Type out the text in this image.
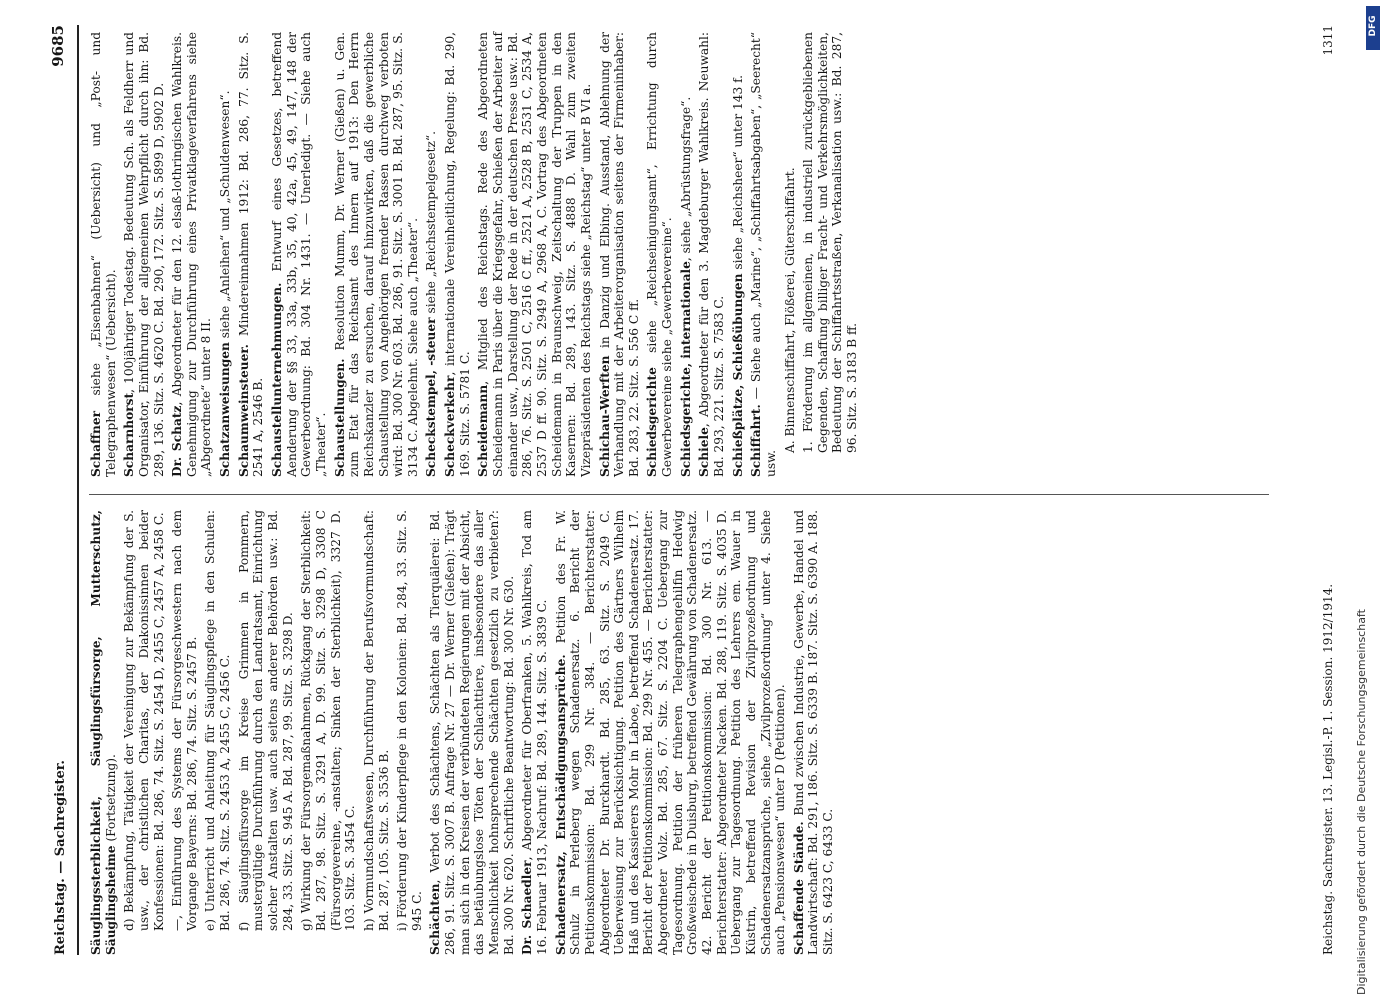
Reichstag. — Sachregister.
9685
Säuglingssterblichkeit, Säuglingsfürsorge, Mutterschutz, Säuglingsheime (Fortsetzung). d) Bekämpfung, Tätigkeit der Vereinigung zur Bekämpfung der S. usw., der christlichen Charitas, der Diakonissinnen beider Konfessionen: Bd. 286, 74. Sitz. S. 2454 D, 2455 C, 2457 A, 2458 C. —, Einführung des Systems der Fürsorgeschwestern nach dem Vorgange Bayerns: Bd. 286, 74. Sitz. S. 2457 B. e) Unterricht und Anleitung für Säuglingspflege in den Schulen: Bd. 286, 74. Sitz. S. 2453 A, 2455 C, 2456 C. f) Säuglingsfürsorge im Kreise Grimmen in Pommern, mustergültige Durchführung durch den Landratsamt, Einrichtung solcher Anstalten usw. auch seitens anderer Behörden usw.: Bd. 284, 33. Sitz. S. 945 A. Bd. 287, 99. Sitz. S. 3298 D. g) Wirkung der Fürsorgemaßnahmen, Rückgang der Sterblichkeit: Bd. 287, 98. Sitz. S. 3291 A, D. 99. Sitz. S. 3298 D, 3308 C (Fürsorgevereine, -anstalten; Sinken der Sterblichkeit), 3327 D. 103. Sitz. S. 3454 C. h) Vormundschaftswesen, Durchführung der Berufsvormundschaft: Bd. 287, 105. Sitz. S. 3536 B. i) Förderung der Kinderpflege in den Kolonien: Bd. 284, 33. Sitz. S. 945 C. Schächten, Verbot des Schächtens, Schächten als Tierquälerei: Bd. 286, 91. Sitz. S. 3007 B. Anfrage Nr. 27 — Dr. Werner (Gießen): Trägt man sich in den Kreisen der verbündeten Regierungen mit der Absicht, das betäubungslose Töten der Schlachttiere, insbesondere das aller Menschlichkeit hohnsprechende Schächten gesetzlich zu verbieten?: Bd. 300 Nr. 620. Schriftliche Beantwortung: Bd. 300 Nr. 630. Dr. Schaedler, Abgeordneter für Oberfranken, 5. Wahlkreis, Tod am 16. Februar 1913, Nachruf: Bd. 289, 144. Sitz. S. 3839 C. Schadenersatz, Entschädigungsansprüche. Petition des Fr. W. Schulz in Perleberg wegen Schadenersatz. 6. Bericht der Petitionskommission: Bd. 299 Nr. 384. — Berichterstatter: Abgeordneter Dr. Burckhardt. Bd. 285, 63. Sitz. S. 2049 C. Ueberweisung zur Berücksichtigung. Petition des Gärtners Wilhelm Haß und des Kassierers Mohr in Laboe, betreffend Schadenersatz. 17. Bericht der Petitionskommission: Bd. 299 Nr. 455. — Berichterstatter: Abgeordneter Volz. Bd. 285, 67. Sitz. S. 2204 C. Uebergang zur Tagesordnung. Petition der früheren Telegraphengehilfin Hedwig Großweischede in Duisburg, betreffend Gewährung von Schadenersatz. 42. Bericht der Petitionskommission: Bd. 300 Nr. 613. — Berichterstatter: Abgeordneter Nacken. Bd. 288, 119. Sitz. S. 4035 D. Uebergang zur Tagesordnung. Petition des Lehrers em. Wauer in Küstrin, betreffend Revision der Zivilprozeßordnung und Schadenersatzansprüche, siehe „Zivilprozeßordnung“ unter 4. Siehe auch „Pensionswesen“ unter D (Petitionen). Schaffende Stände. Bund zwischen Industrie, Gewerbe, Handel und Landwirtschaft: Bd. 291, 186. Sitz. S. 6339 B. 187. Sitz. S. 6390 A. 188. Sitz. S. 6423 C, 6433 C.
Schaffner siehe „Eisenbahnen“ (Uebersicht) und „Post- und Telegraphenwesen“ (Uebersicht). Scharnhorst, 100jähriger Todestag. Bedeutung Sch. als Feldherr und Organisator, Einführung der allgemeinen Wehrpflicht durch ihn: Bd. 289, 136. Sitz. S. 4620 C. Bd. 290, 172. Sitz. S. 5899 D, 5902 D. Dr. Schatz, Abgeordneter für den 12. elsaß-lothringischen Wahlkreis. Genehmigung zur Durchführung eines Privatklageverfahrens siehe „Abgeordnete“ unter 8 II. Schatzanweisungen siehe „Anleihen“ und „Schuldenwesen“.
Schaumweinsteuer. Mindereinnahmen 1912: Bd. 286, 77. Sitz. S. 2541 A, 2546 B. Schaustellunternehmungen. Entwurf eines Gesetzes, betreffend Aenderung der §§ 33, 33a, 33b, 35, 40, 42a, 45, 49, 147, 148 der Gewerbeordnung: Bd. 304 Nr. 1431. — Unerledigt. — Siehe auch „Theater“. Schaustellungen. Resolution Mumm, Dr. Werner (Gießen) u. Gen. zum Etat für das Reichsamt des Innern auf 1913: Den Herrn Reichskanzler zu ersuchen, darauf hinzuwirken, daß die gewerbliche Schaustellung von Angehörigen fremder Rassen durchweg verboten wird: Bd. 300 Nr. 603. Bd. 286, 91. Sitz. S. 3001 B. Bd. 287, 95. Sitz. S. 3134 C. Abgelehnt. Siehe auch „Theater“. Scheckstempel, -steuer siehe „Reichsstempelgesetz“.
Scheckverkehr, internationale Vereinheitlichung, Regelung: Bd. 290, 169. Sitz. S. 5781 C. Scheidemann, Mitglied des Reichstags. Rede des Abgeordneten Scheidemann in Paris über die Kriegsgefahr, Schießen der Arbeiter auf einander usw., Darstellung der Rede in der deutschen Presse usw.: Bd. 286, 76. Sitz. S. 2501 C, 2516 C ff., 2521 A, 2528 B, 2531 C, 2534 A, 2537 D ff. 90. Sitz. S. 2949 A, 2968 A, C. Vortrag des Abgeordneten Scheidemann in Braunschweig, Zeitschaltung der Truppen in den Kasernen: Bd. 289, 143. Sitz. S. 4888 D. Wahl zum zweiten Vizepräsidenten des Reichstags siehe „Reichstag“ unter B VI a. Schichau-Werften in Danzig und Elbing. Ausstand, Ablehnung der Verhandlung mit der Arbeiterorganisation seitens der Firmeninhaber: Bd. 283, 22. Sitz. S. 556 C ff. Schiedsgerichte siehe „Reichseinigungsamt“, Errichtung durch Gewerbevereine siehe „Gewerbevereine“. Schiedsgerichte, internationale, siehe „Abrüstungsfrage“.
Schiele, Abgeordneter für den 3. Magdeburger Wahlkreis. Neuwahl: Bd. 293, 221. Sitz. S. 7583 C. Schießplätze, Schießübungen siehe „Reichsheer“ unter 143 f.
Schiffahrt. — Siehe auch „Marine“, „Schiffahrtsabgaben“, „Seerecht“ usw.
A. Binnenschiffahrt, Flößerei, Güterschiffahrt. 1. Förderung im allgemeinen, in industriell zurückgebliebenen Gegenden, Schaffung billiger Fracht- und Verkehrsmöglichkeiten, Bedeutung der Schiffahrtsstraßen, Verkanalisation usw.: Bd. 287, 96. Sitz. S. 3183 B ff.
Reichstag. Sachregister. 13. Legisl.-P. 1. Session. 1912/1914.
1311
Digitalisierung gefördert durch die Deutsche Forschungsgemeinschaft
DFG
